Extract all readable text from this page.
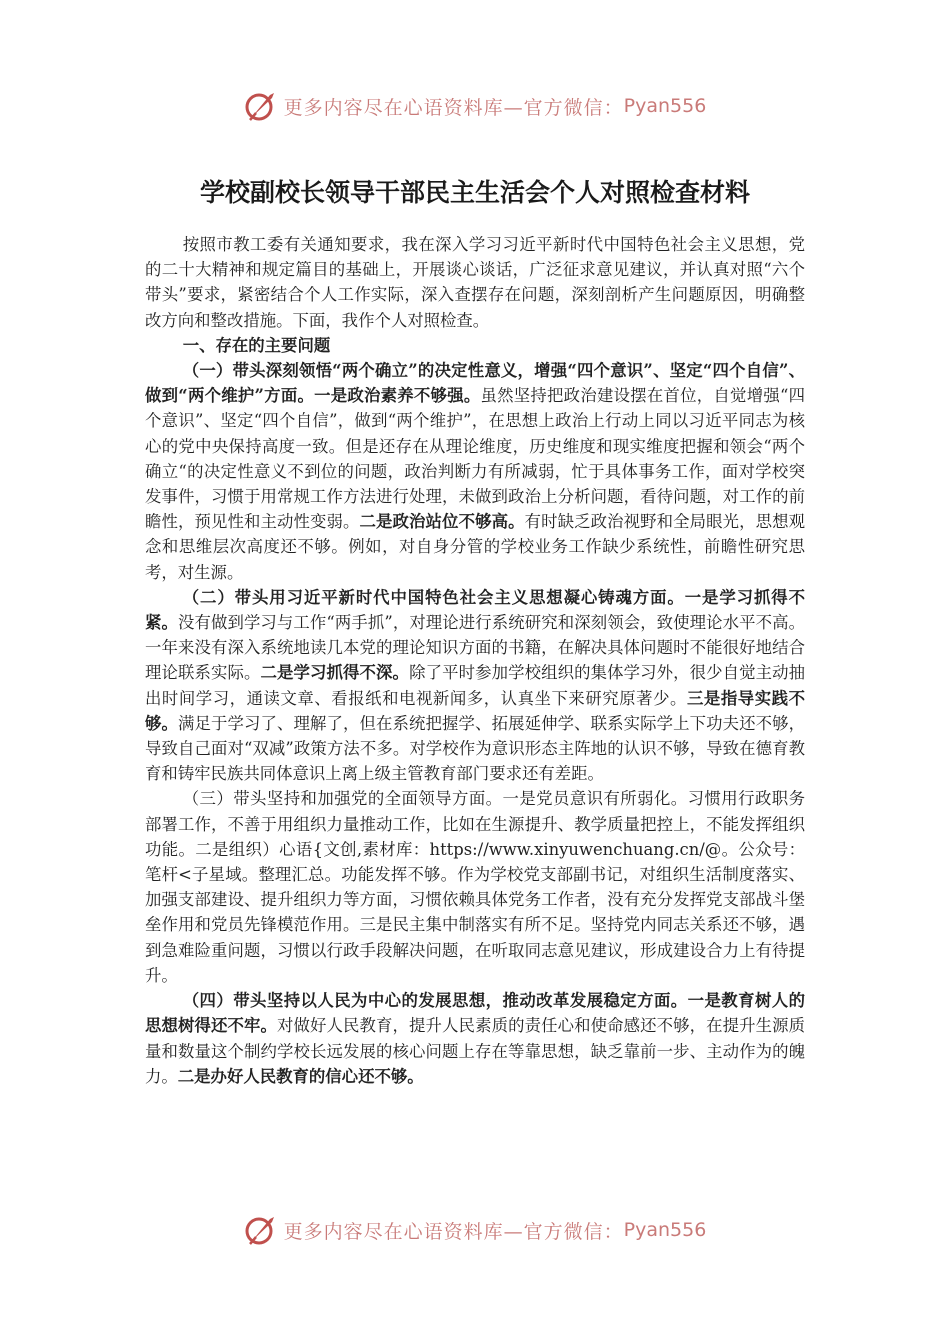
更多内容尽在心语资料库—官方微信： Pyan556
学校副校长领导干部民主生活会个人对照检查材料

按照市教工委有关通知要求，我在深入学习习近平新时代中国特色社会主义思想，党的二十大精神和规定篇目的基础上，开展谈心谈话，广泛征求意见建议，并认真对照“六个带头”要求，紧密结合个人工作实际，深入查摆存在问题，深刻剖析产生问题原因，明确整改方向和整改措施。下面，我作个人对照检查。

一、存在的主要问题

（一）带头深刻领悟“两个确立”的决定性意义，增强“四个意识”、坚定“四个自信”、做到“两个维护”方面。一是政治素养不够强。虽然坚持把政治建设摆在首位，自觉增强“四个意识”、坚定“四个自信”，做到“两个维护”，在思想上政治上行动上同以习近平同志为核心的党中央保持高度一致。但是还存在从理论维度，历史维度和现实维度把握和领会“两个确立“的决定性意义不到位的问题，政治判断力有所减弱，忙于具体事务工作，面对学校突发事件，习惯于用常规工作方法进行处理，未做到政治上分析问题，看待问题，对工作的前瞻性，预见性和主动性变弱。二是政治站位不够高。有时缺乏政治视野和全局眼光，思想观念和思维层次高度还不够。例如，对自身分管的学校业务工作缺少系统性，前瞻性研究思考，对生源。

（二）带头用习近平新时代中国特色社会主义思想凝心铸魂方面。一是学习抓得不紧。没有做到学习与工作“两手抓”，对理论进行系统研究和深刻领会，致使理论水平不高。一年来没有深入系统地读几本党的理论知识方面的书籍，在解决具体问题时不能很好地结合理论联系实际。二是学习抓得不深。除了平时参加学校组织的集体学习外，很少自觉主动抽出时间学习，通读文章、看报纸和电视新闻多，认真坐下来研究原著少。三是指导实践不够。满足于学习了、理解了，但在系统把握学、拓展延伸学、联系实际学上下功夫还不够，导致自己面对“双减”政策方法不多。对学校作为意识形态主阵地的认识不够，导致在德育教育和铸牢民族共同体意识上离上级主管教育部门要求还有差距。

（三）带头坚持和加强党的全面领导方面。一是党员意识有所弱化。习惯用行政职务部署工作，不善于用组织力量推动工作，比如在生源提升、教学质量把控上，不能发挥组织功能。二是组织）心语{文创,素材库：https://www.xinyuwenchuang.cn/@。公众号：笔杆<子星域。整理汇总。功能发挥不够。作为学校党支部副书记，对组织生活制度落实、加强支部建设、提升组织力等方面，习惯依赖具体党务工作者，没有充分发挥党支部战斗堡垒作用和党员先锋模范作用。三是民主集中制落实有所不足。坚持党内同志关系还不够，遇到急难险重问题，习惯以行政手段解决问题，在听取同志意见建议，形成建设合力上有待提升。

（四）带头坚持以人民为中心的发展思想，推动改革发展稳定方面。一是教育树人的思想树得还不牢。对做好人民教育，提升人民素质的责任心和使命感还不够，在提升生源质量和数量这个制约学校长远发展的核心问题上存在等靠思想，缺乏靠前一步、主动作为的魄力。二是办好人民教育的信心还不够。

更多内容尽在心语资料库—官方微信： Pyan556
